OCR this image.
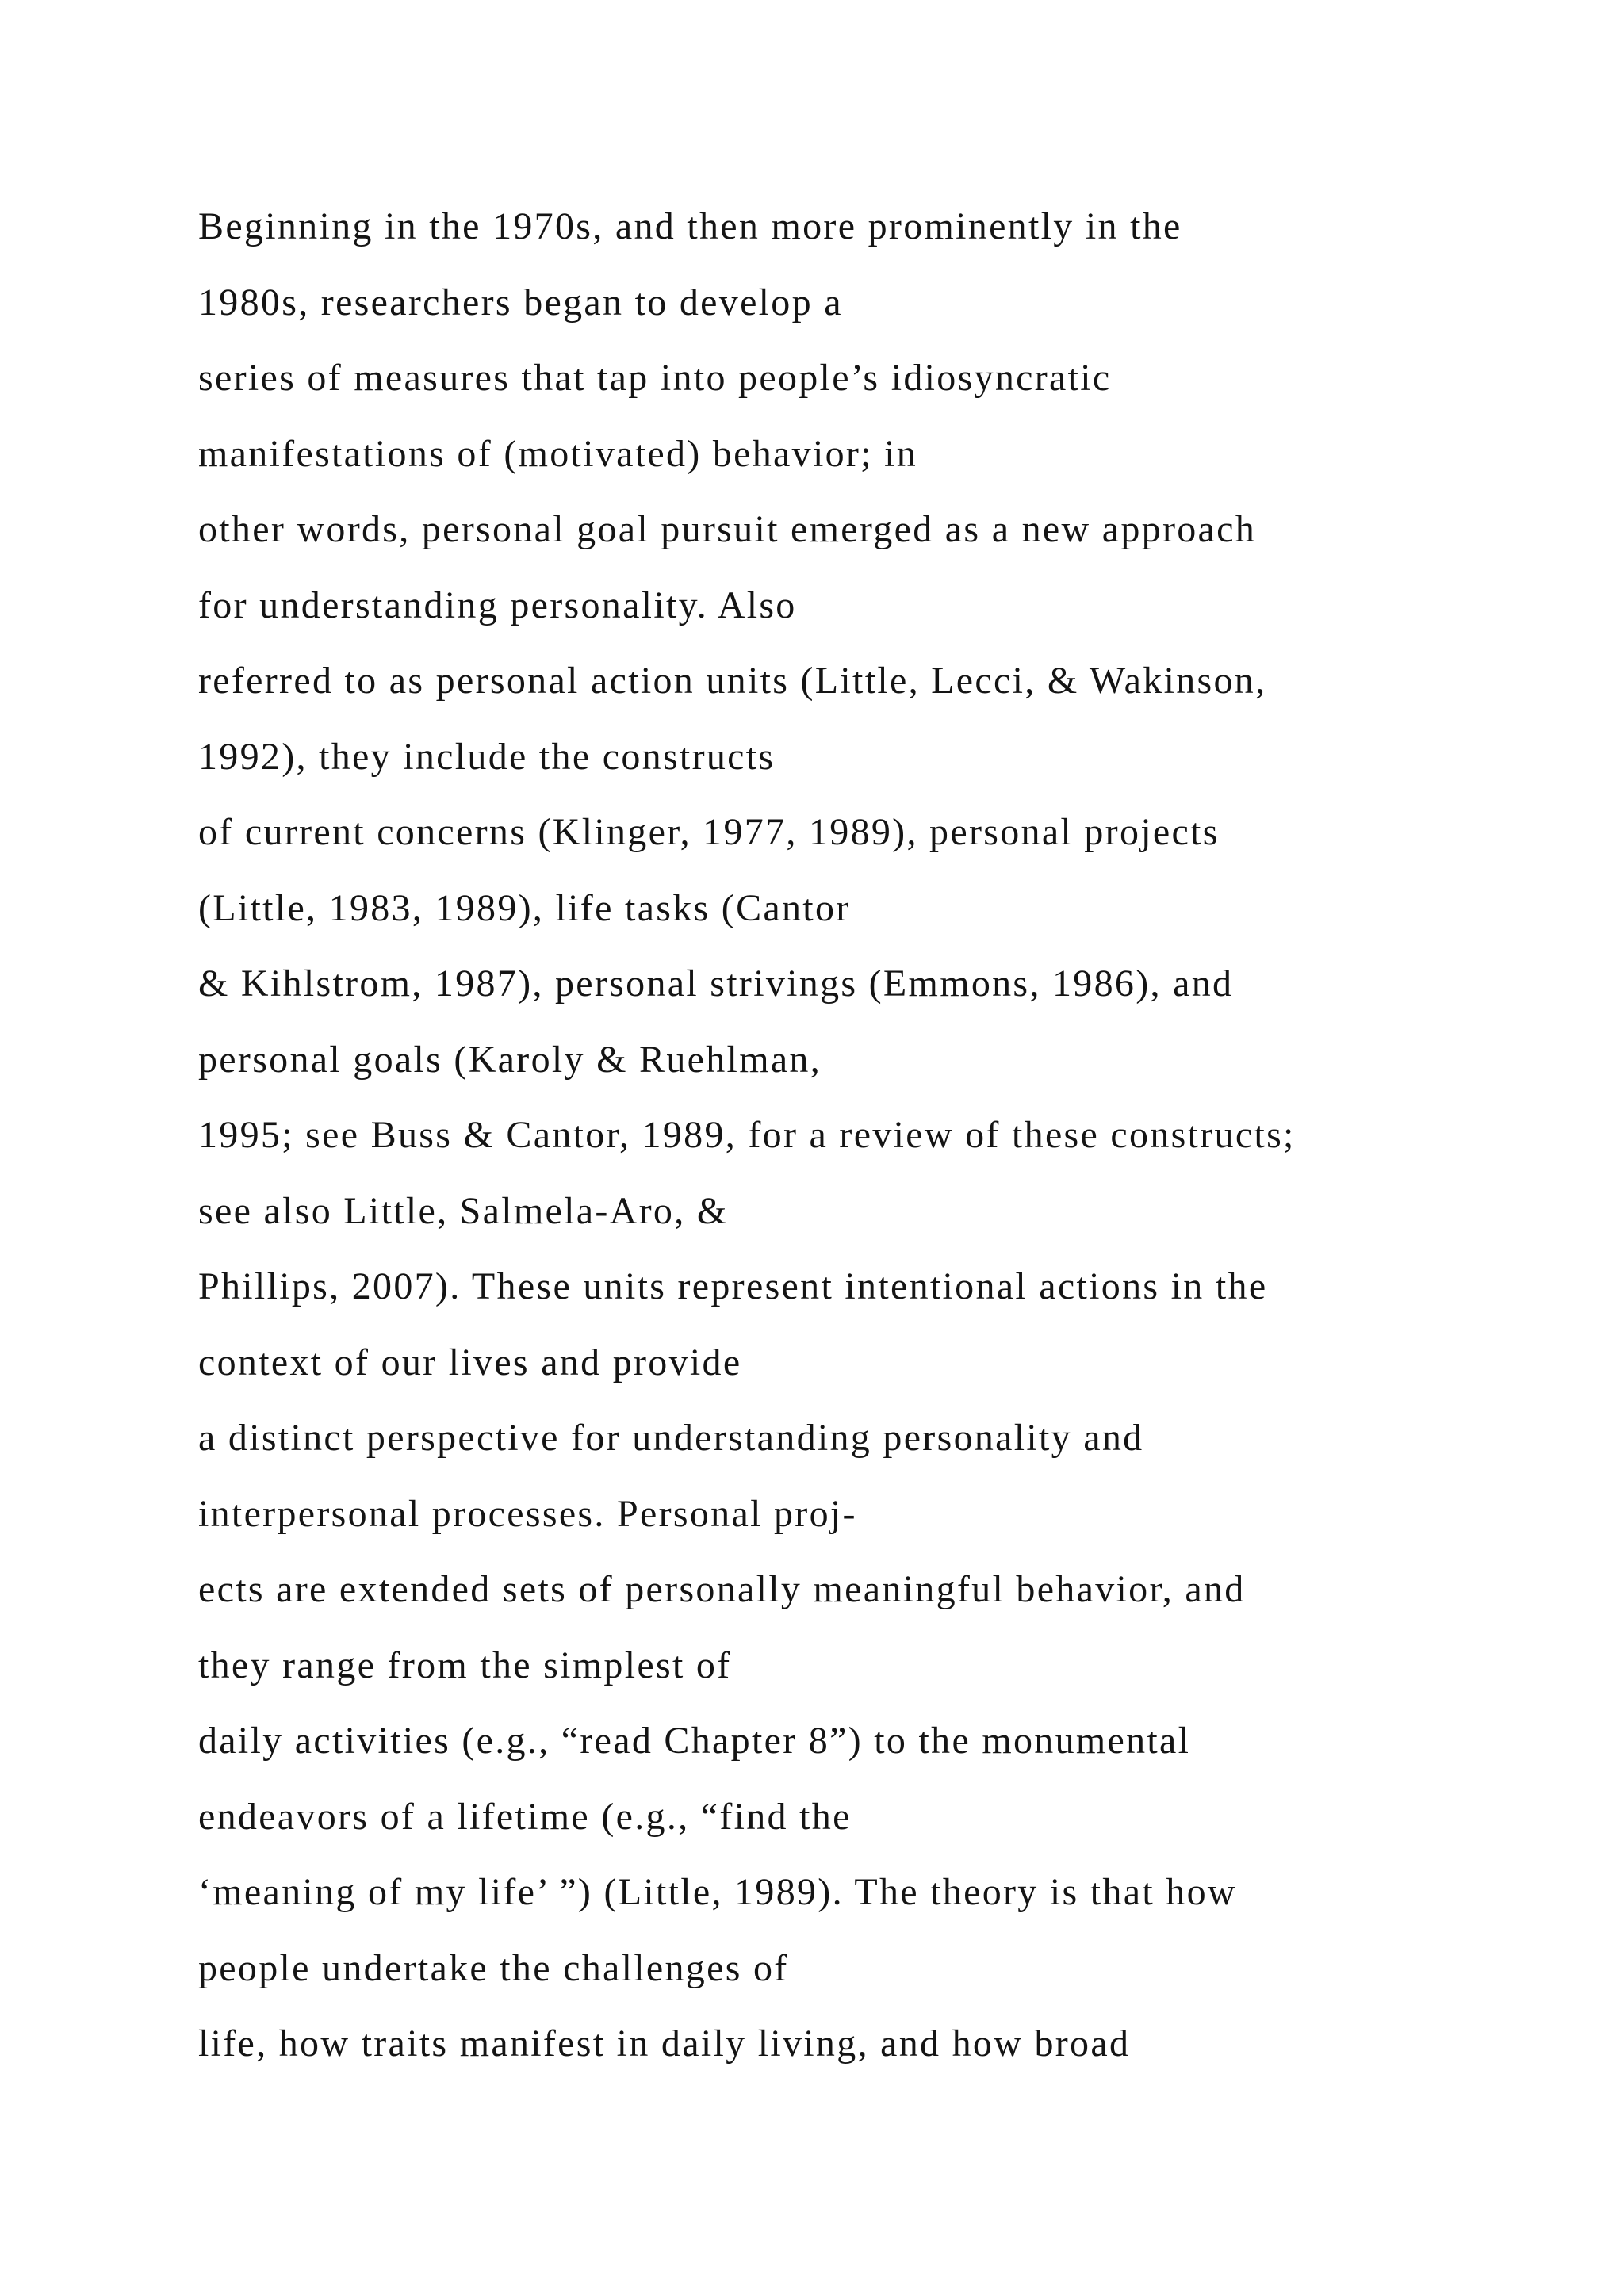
Beginning in the 1970s, and then more prominently in the
1980s, researchers began to develop a
series of measures that tap into people’s idiosyncratic
manifestations of (motivated) behavior; in
other words, personal goal pursuit emerged as a new approach
for understanding personality. Also
referred to as personal action units (Little, Lecci, & Wakinson,
1992), they include the constructs
of current concerns (Klinger, 1977, 1989), personal projects
(Little, 1983, 1989), life tasks (Cantor
& Kihlstrom, 1987), personal strivings (Emmons, 1986), and
personal goals (Karoly & Ruehlman,
1995; see Buss & Cantor, 1989, for a review of these constructs;
see also Little, Salmela-Aro, &
Phillips, 2007). These units represent intentional actions in the
context of our lives and provide
a distinct perspective for understanding personality and
interpersonal processes. Personal proj-
ects are extended sets of personally meaningful behavior, and
they range from the simplest of
daily activities (e.g., “read Chapter 8”) to the monumental
endeavors of a lifetime (e.g., “find the
‘meaning of my life’ ”) (Little, 1989). The theory is that how
people undertake the challenges of
life, how traits manifest in daily living, and how broad
